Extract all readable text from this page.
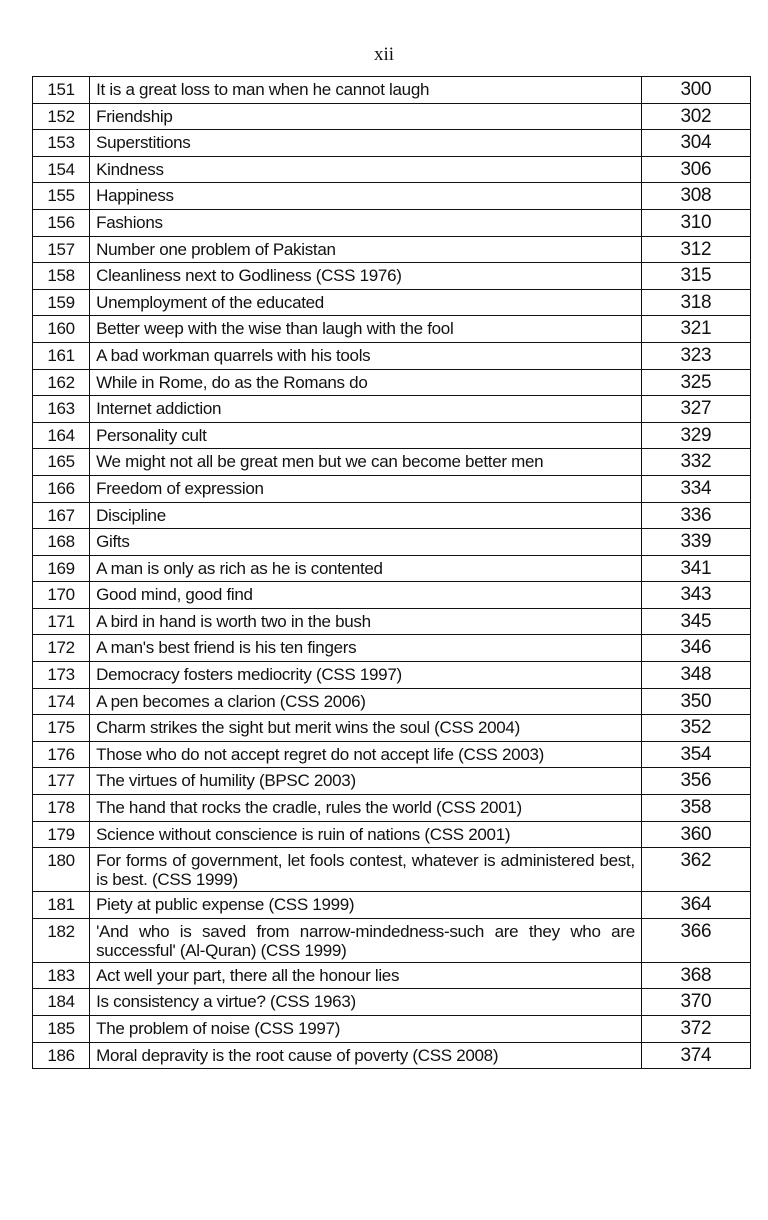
xii
151	It is a great loss to man when he cannot laugh	300
152	Friendship	302
153	Superstitions	304
154	Kindness	306
155	Happiness	308
156	Fashions	310
157	Number one problem of Pakistan	312
158	Cleanliness next to Godliness (CSS 1976)	315
159	Unemployment of the educated	318
160	Better weep with the wise than laugh with the fool	321
161	A bad workman quarrels with his tools	323
162	While in Rome, do as the Romans do	325
163	Internet addiction	327
164	Personality cult	329
165	We might not all be great men but we can become better men	332
166	Freedom of expression	334
167	Discipline	336
168	Gifts	339
169	A man is only as rich as he is contented	341
170	Good mind, good find	343
171	A bird in hand is worth two in the bush	345
172	A man's best friend is his ten fingers	346
173	Democracy fosters mediocrity (CSS 1997)	348
174	A pen becomes a clarion (CSS 2006)	350
175	Charm strikes the sight but merit wins the soul (CSS 2004)	352
176	Those who do not accept regret do not accept life (CSS 2003)	354
177	The virtues of humility (BPSC 2003)	356
178	The hand that rocks the cradle, rules the world (CSS 2001)	358
179	Science without conscience is ruin of nations (CSS 2001)	360
180	For forms of government, let fools contest, whatever is administered best, is best. (CSS 1999)	362
181	Piety at public expense (CSS 1999)	364
182	'And who is saved from narrow-mindedness-such are they who are successful' (Al-Quran) (CSS 1999)	366
183	Act well your part, there all the honour lies	368
184	Is consistency a virtue? (CSS 1963)	370
185	The problem of noise (CSS 1997)	372
186	Moral depravity is the root cause of poverty (CSS 2008)	374
